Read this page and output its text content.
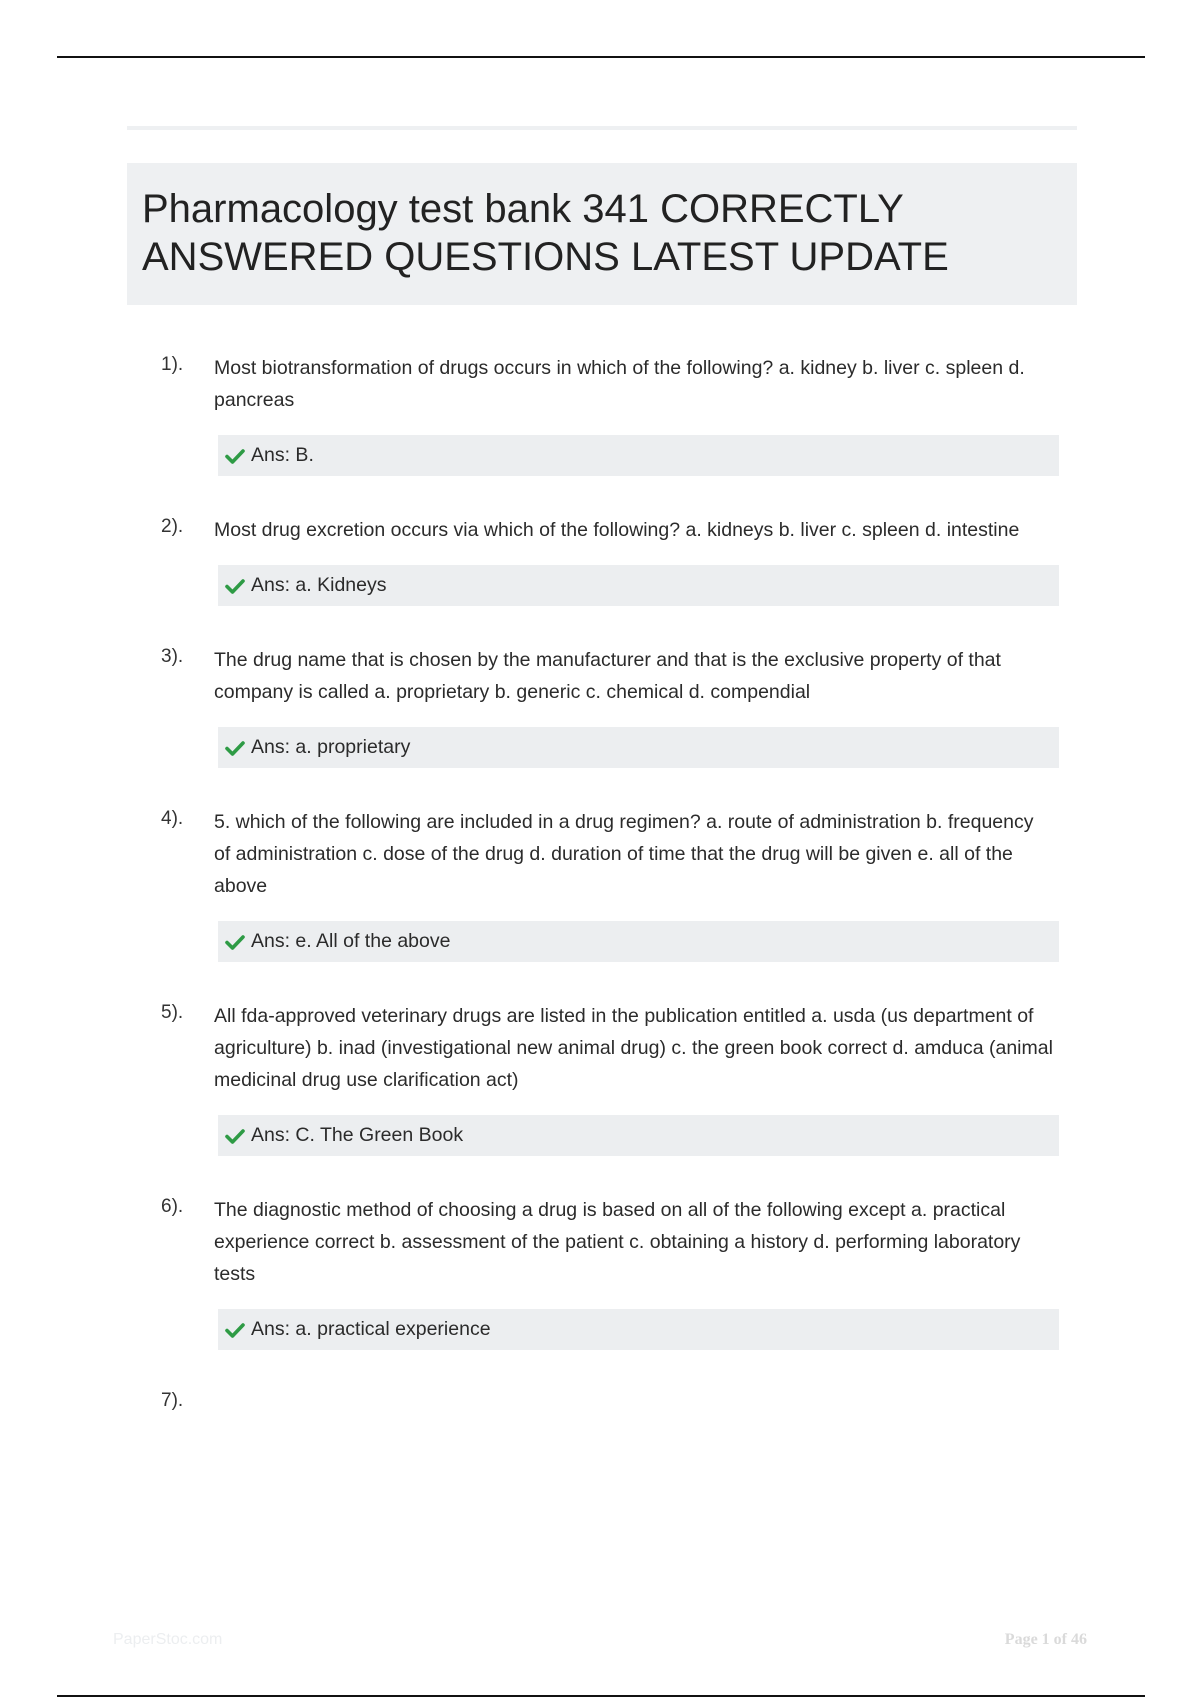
Pharmacology test bank 341 CORRECTLY
ANSWERED QUESTIONS LATEST UPDATE
1). Most biotransformation of drugs occurs in which of the following? a. kidney b. liver c. spleen d. pancreas
Ans: B.
2). Most drug excretion occurs via which of the following? a. kidneys b. liver c. spleen d. intestine
Ans: a. Kidneys
3). The drug name that is chosen by the manufacturer and that is the exclusive property of that company is called a. proprietary b. generic c. chemical d. compendial
Ans: a. proprietary
4). 5. which of the following are included in a drug regimen? a. route of administration b. frequency of administration c. dose of the drug d. duration of time that the drug will be given e. all of the above
Ans: e. All of the above
5). All fda-approved veterinary drugs are listed in the publication entitled a. usda (us department of agriculture) b. inad (investigational new animal drug) c. the green book correct d. amduca (animal medicinal drug use clarification act)
Ans: C. The Green Book
6). The diagnostic method of choosing a drug is based on all of the following except a. practical experience correct b. assessment of the patient c. obtaining a history d. performing laboratory tests
Ans: a. practical experience
7).
PaperStoc.com	Page 1 of 46
